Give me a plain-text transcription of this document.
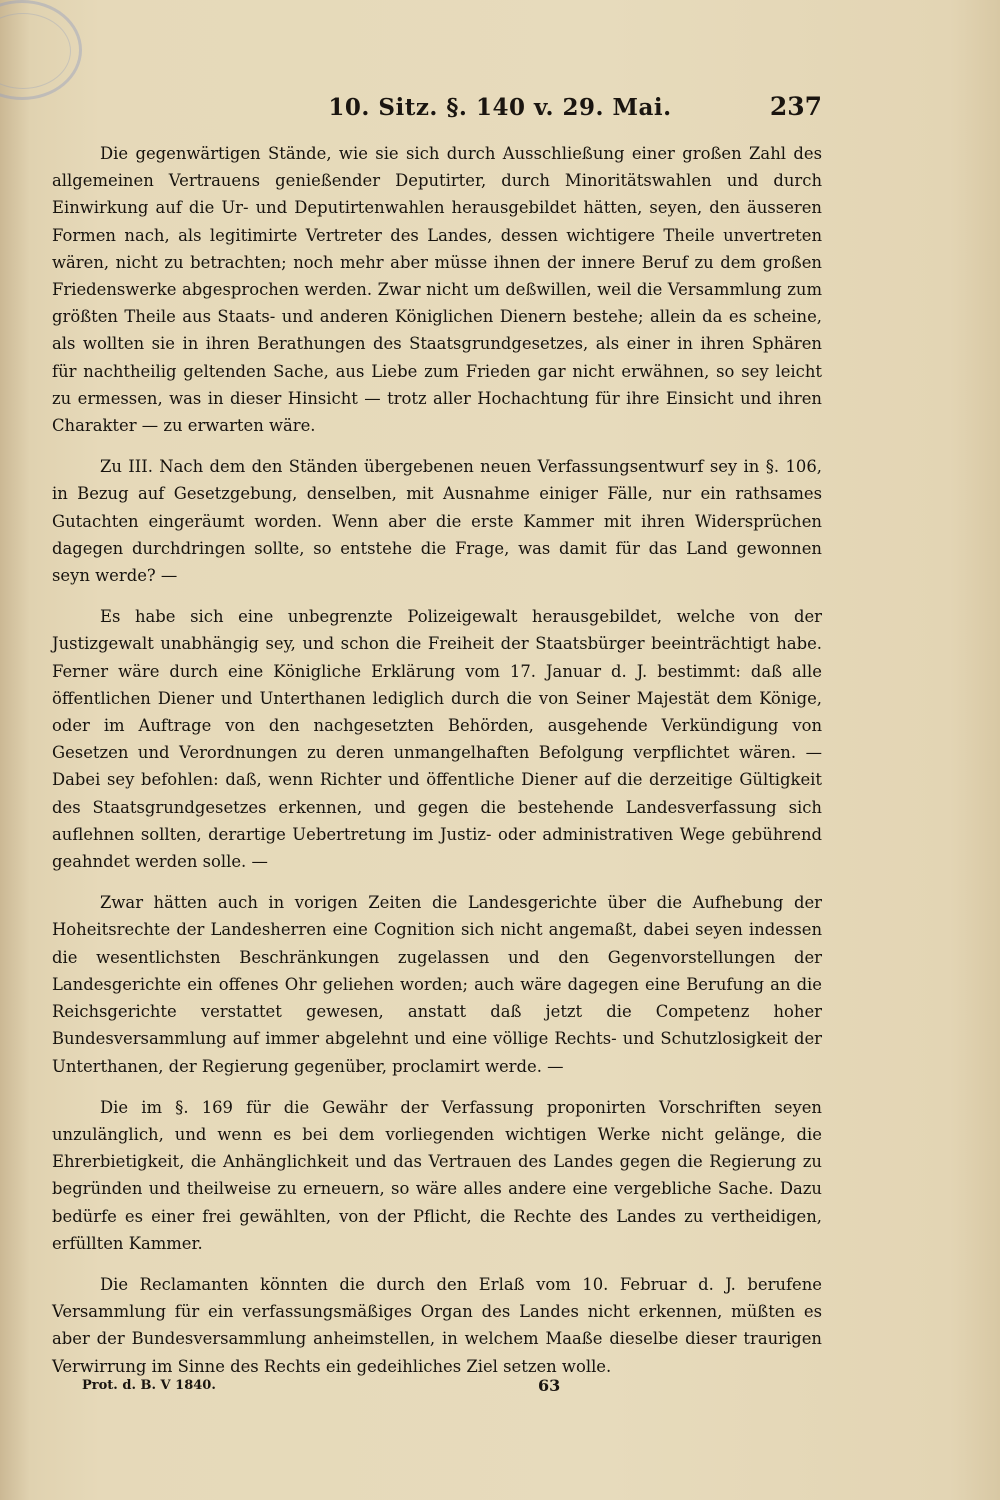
10. Sitz. §. 140 v. 29. Mai.	237

Die gegenwärtigen Stände, wie sie sich durch Ausschließung einer großen Zahl des allgemeinen Vertrauens genießender Deputirter, durch Minoritätswahlen und durch Einwirkung auf die Ur- und Deputirtenwahlen herausgebildet hätten, seyen, den äusseren Formen nach, als legitimirte Vertreter des Landes, dessen wichtigere Theile unvertreten wären, nicht zu betrachten; noch mehr aber müsse ihnen der innere Beruf zu dem großen Friedenswerke abgesprochen werden. Zwar nicht um deßwillen, weil die Versammlung zum größten Theile aus Staats- und anderen Königlichen Dienern bestehe; allein da es scheine, als wollten sie in ihren Berathungen des Staatsgrundgesetzes, als einer in ihren Sphären für nachtheilig geltenden Sache, aus Liebe zum Frieden gar nicht erwähnen, so sey leicht zu ermessen, was in dieser Hinsicht — trotz aller Hochachtung für ihre Einsicht und ihren Charakter — zu erwarten wäre.

Zu III. Nach dem den Ständen übergebenen neuen Verfassungsentwurf sey in §. 106, in Bezug auf Gesetzgebung, denselben, mit Ausnahme einiger Fälle, nur ein rathsames Gutachten eingeräumt worden. Wenn aber die erste Kammer mit ihren Widersprüchen dagegen durchdringen sollte, so entstehe die Frage, was damit für das Land gewonnen seyn werde? —

Es habe sich eine unbegrenzte Polizeigewalt herausgebildet, welche von der Justizgewalt unabhängig sey, und schon die Freiheit der Staatsbürger beeinträchtigt habe. Ferner wäre durch eine Königliche Erklärung vom 17. Januar d. J. bestimmt: daß alle öffentlichen Diener und Unterthanen lediglich durch die von Seiner Majestät dem Könige, oder im Auftrage von den nachgesetzten Behörden, ausgehende Verkündigung von Gesetzen und Verordnungen zu deren unmangelhaften Befolgung verpflichtet wären. — Dabei sey befohlen: daß, wenn Richter und öffentliche Diener auf die derzeitige Gültigkeit des Staatsgrundgesetzes erkennen, und gegen die bestehende Landesverfassung sich auflehnen sollten, derartige Uebertretung im Justiz- oder administrativen Wege gebührend geahndet werden solle. —

Zwar hätten auch in vorigen Zeiten die Landesgerichte über die Aufhebung der Hoheitsrechte der Landesherren eine Cognition sich nicht angemaßt, dabei seyen indessen die wesentlichsten Beschränkungen zugelassen und den Gegenvorstellungen der Landesgerichte ein offenes Ohr geliehen worden; auch wäre dagegen eine Berufung an die Reichsgerichte verstattet gewesen, anstatt daß jetzt die Competenz hoher Bundesversammlung auf immer abgelehnt und eine völlige Rechts- und Schutzlosigkeit der Unterthanen, der Regierung gegenüber, proclamirt werde. —

Die im §. 169 für die Gewähr der Verfassung proponirten Vorschriften seyen unzulänglich, und wenn es bei dem vorliegenden wichtigen Werke nicht gelänge, die Ehrerbietigkeit, die Anhänglichkeit und das Vertrauen des Landes gegen die Regierung zu begründen und theilweise zu erneuern, so wäre alles andere eine vergebliche Sache. Dazu bedürfe es einer frei gewählten, von der Pflicht, die Rechte des Landes zu vertheidigen, erfüllten Kammer.

Die Reclamanten könnten die durch den Erlaß vom 10. Februar d. J. berufene Versammlung für ein verfassungsmäßiges Organ des Landes nicht erkennen, müßten es aber der Bundesversammlung anheimstellen, in welchem Maaße dieselbe dieser traurigen Verwirrung im Sinne des Rechts ein gedeihliches Ziel setzen wolle.

Prot. d. B. V 1840.	63
